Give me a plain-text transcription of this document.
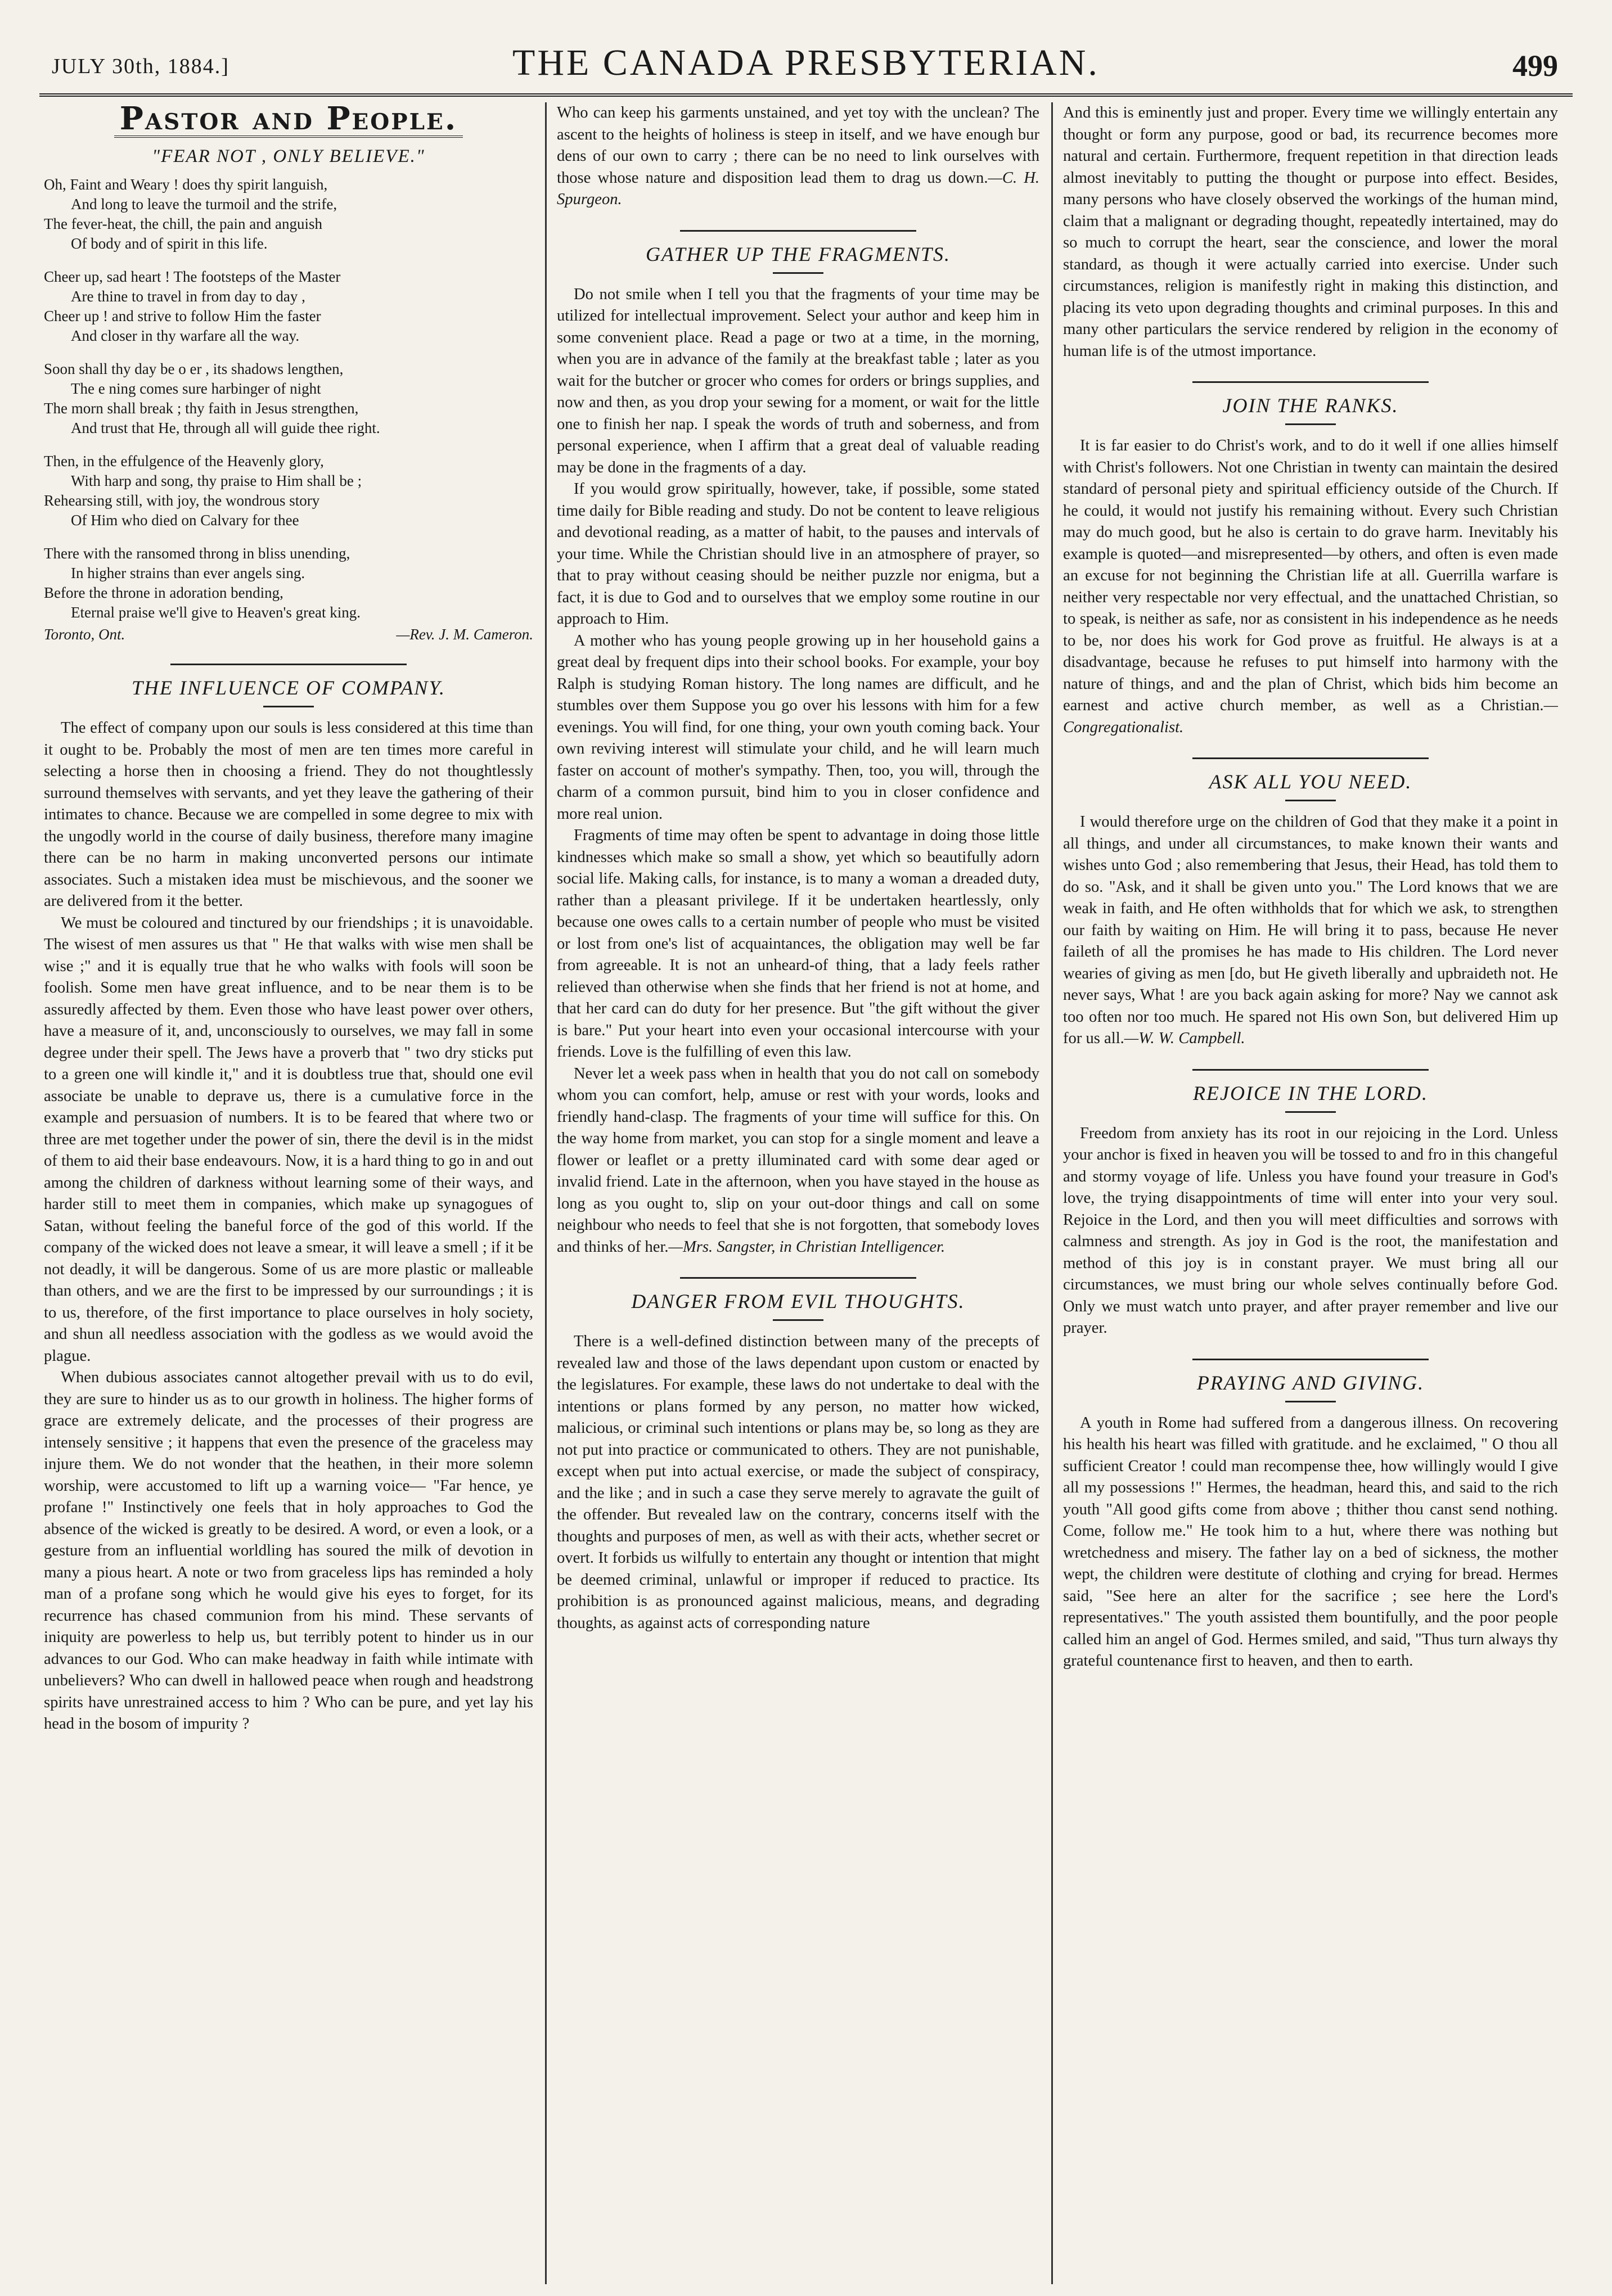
JULY 30th, 1884.]	THE CANADA PRESBYTERIAN.	499
Pastor and People.
"FEAR NOT , ONLY BELIEVE."
Oh, Faint and Weary ! does thy spirit languish,
And long to leave the turmoil and the strife,
The fever-heat, the chill, the pain and anguish
Of body and of spirit in this life.
Cheer up, sad heart ! The footsteps of the Master
Are thine to travel in from day to day ,
Cheer up ! and strive to follow Him the faster
And closer in thy warfare all the way.
Soon shall thy day be o er , its shadows lengthen,
The e ning comes sure harbinger of night
The morn shall break ; thy faith in Jesus strengthen,
And trust that He, through all will guide thee right.
Then, in the effulgence of the Heavenly glory,
With harp and song, thy praise to Him shall be ;
Rehearsing still, with joy, the wondrous story
Of Him who died on Calvary for thee
There with the ransomed throng in bliss unending,
In higher strains than ever angels sing.
Before the throne in adoration bending,
Eternal praise we'll give to Heaven's great king.
Toronto, Ont.	—Rev. J. M. Cameron.
THE INFLUENCE OF COMPANY.

The effect of company upon our souls is less considered at this time than it ought to be. Probably the most of men are ten times more careful in selecting a horse then in choosing a friend. They do not thoughtlessly surround themselves with servants, and yet they leave the gathering of their intimates to chance. Because we are compelled in some degree to mix with the ungodly world in the course of daily business, therefore many imagine there can be no harm in making unconverted persons our intimate associates. Such a mistaken idea must be mischievous, and the sooner we are delivered from it the better.

We must be coloured and tinctured by our friendships ; it is unavoidable. The wisest of men assures us that " He that walks with wise men shall be wise ;" and it is equally true that he who walks with fools will soon be foolish. Some men have great influence, and to be near them is to be assuredly affected by them. Even those who have least power over others, have a measure of it, and, unconsciously to ourselves, we may fall in some degree under their spell. The Jews have a proverb that " two dry sticks put to a green one will kindle it," and it is doubtless true that, should one evil associate be unable to deprave us, there is a cumulative force in the example and persuasion of numbers. It is to be feared that where two or three are met together under the power of sin, there the devil is in the midst of them to aid their base endeavours. Now, it is a hard thing to go in and out among the children of darkness without learning some of their ways, and harder still to meet them in companies, which make up synagogues of Satan, without feeling the baneful force of the god of this world. If the company of the wicked does not leave a smear, it will leave a smell ; if it be not deadly, it will be dangerous. Some of us are more plastic or malleable than others, and we are the first to be impressed by our surroundings ; it is to us, therefore, of the first importance to place ourselves in holy society, and shun all needless association with the godless as we would avoid the plague.

When dubious associates cannot altogether prevail with us to do evil, they are sure to hinder us as to our growth in holiness. The higher forms of grace are extremely delicate, and the processes of their progress are intensely sensitive ; it happens that even the presence of the graceless may injure them. We do not wonder that the heathen, in their more solemn worship, were accustomed to lift up a warning voice— "Far hence, ye profane !" Instinctively one feels that in holy approaches to God the absence of the wicked is greatly to be desired. A word, or even a look, or a gesture from an influential worldling has soured the milk of devotion in many a pious heart. A note or two from graceless lips has reminded a holy man of a profane song which he would give his eyes to forget, for its recurrence has chased communion from his mind. These servants of iniquity are powerless to help us, but terribly potent to hinder us in our advances to our God. Who can make headway in faith while intimate with unbelievers? Who can dwell in hallowed peace when rough and headstrong spirits have unrestrained access to him ? Who can be pure, and yet lay his head in the bosom of impurity ?

Who can keep his garments unstained, and yet toy with the unclean? The ascent to the heights of holiness is steep in itself, and we have enough bur dens of our own to carry ; there can be no need to link ourselves with those whose nature and disposition lead them to drag us down.—C. H. Spurgeon.

GATHER UP THE FRAGMENTS.

Do not smile when I tell you that the fragments of your time may be utilized for intellectual improvement. Select your author and keep him in some convenient place. Read a page or two at a time, in the morning, when you are in advance of the family at the breakfast table ; later as you wait for the butcher or grocer who comes for orders or brings supplies, and now and then, as you drop your sewing for a moment, or wait for the little one to finish her nap. I speak the words of truth and soberness, and from personal experience, when I affirm that a great deal of valuable reading may be done in the fragments of a day.

If you would grow spiritually, however, take, if possible, some stated time daily for Bible reading and study. Do not be content to leave religious and devotional reading, as a matter of habit, to the pauses and intervals of your time. While the Christian should live in an atmosphere of prayer, so that to pray without ceasing should be neither puzzle nor enigma, but a fact, it is due to God and to ourselves that we employ some routine in our approach to Him.

A mother who has young people growing up in her household gains a great deal by frequent dips into their school books. For example, your boy Ralph is studying Roman history. The long names are difficult, and he stumbles over them Suppose you go over his lessons with him for a few evenings. You will find, for one thing, your own youth coming back. Your own reviving interest will stimulate your child, and he will learn much faster on account of mother's sympathy. Then, too, you will, through the charm of a common pursuit, bind him to you in closer confidence and more real union.

Fragments of time may often be spent to advantage in doing those little kindnesses which make so small a show, yet which so beautifully adorn social life. Making calls, for instance, is to many a woman a dreaded duty, rather than a pleasant privilege. If it be undertaken heartlessly, only because one owes calls to a certain number of people who must be visited or lost from one's list of acquaintances, the obligation may well be far from agreeable. It is not an unheard-of thing, that a lady feels rather relieved than otherwise when she finds that her friend is not at home, and that her card can do duty for her presence. But "the gift without the giver is bare." Put your heart into even your occasional intercourse with your friends. Love is the fulfilling of even this law.

Never let a week pass when in health that you do not call on somebody whom you can comfort, help, amuse or rest with your words, looks and friendly hand-clasp. The fragments of your time will suffice for this. On the way home from market, you can stop for a single moment and leave a flower or leaflet or a pretty illuminated card with some dear aged or invalid friend. Late in the afternoon, when you have stayed in the house as long as you ought to, slip on your out-door things and call on some neighbour who needs to feel that she is not forgotten, that somebody loves and thinks of her.—Mrs. Sangster, in Christian Intelligencer.

DANGER FROM EVIL THOUGHTS.

There is a well-defined distinction between many of the precepts of revealed law and those of the laws dependant upon custom or enacted by the legislatures. For example, these laws do not undertake to deal with the intentions or plans formed by any person, no matter how wicked, malicious, or criminal such intentions or plans may be, so long as they are not put into practice or communicated to others. They are not punishable, except when put into actual exercise, or made the subject of conspiracy, and the like ; and in such a case they serve merely to agravate the guilt of the offender. But revealed law on the contrary, concerns itself with the thoughts and purposes of men, as well as with their acts, whether secret or overt. It forbids us wilfully to entertain any thought or intention that might be deemed criminal, unlawful or improper if reduced to practice. Its prohibition is as pronounced against malicious, means, and degrading thoughts, as against acts of corresponding nature

And this is eminently just and proper. Every time we willingly entertain any thought or form any purpose, good or bad, its recurrence becomes more natural and certain. Furthermore, frequent repetition in that direction leads almost inevitably to putting the thought or purpose into effect. Besides, many persons who have closely observed the workings of the human mind, claim that a malignant or degrading thought, repeatedly intertained, may do so much to corrupt the heart, sear the conscience, and lower the moral standard, as though it were actually carried into exercise. Under such circumstances, religion is manifestly right in making this distinction, and placing its veto upon degrading thoughts and criminal purposes. In this and many other particulars the service rendered by religion in the economy of human life is of the utmost importance.

JOIN THE RANKS.

It is far easier to do Christ's work, and to do it well if one allies himself with Christ's followers. Not one Christian in twenty can maintain the desired standard of personal piety and spiritual efficiency outside of the Church. If he could, it would not justify his remaining without. Every such Christian may do much good, but he also is certain to do grave harm. Inevitably his example is quoted—and misrepresented—by others, and often is even made an excuse for not beginning the Christian life at all. Guerrilla warfare is neither very respectable nor very effectual, and the unattached Christian, so to speak, is neither as safe, nor as consistent in his independence as he needs to be, nor does his work for God prove as fruitful. He always is at a disadvantage, because he refuses to put himself into harmony with the nature of things, and and the plan of Christ, which bids him become an earnest and active church member, as well as a Christian.—Congregationalist.

ASK ALL YOU NEED.

I would therefore urge on the children of God that they make it a point in all things, and under all circumstances, to make known their wants and wishes unto God ; also remembering that Jesus, their Head, has told them to do so. "Ask, and it shall be given unto you." The Lord knows that we are weak in faith, and He often withholds that for which we ask, to strengthen our faith by waiting on Him. He will bring it to pass, because He never faileth of all the promises he has made to His children. The Lord never wearies of giving as men [do, but He giveth liberally and upbraideth not. He never says, What ! are you back again asking for more? Nay we cannot ask too often nor too much. He spared not His own Son, but delivered Him up for us all.—W. W. Campbell.

REJOICE IN THE LORD.

Freedom from anxiety has its root in our rejoicing in the Lord. Unless your anchor is fixed in heaven you will be tossed to and fro in this changeful and stormy voyage of life. Unless you have found your treasure in God's love, the trying disappointments of time will enter into your very soul. Rejoice in the Lord, and then you will meet difficulties and sorrows with calmness and strength. As joy in God is the root, the manifestation and method of this joy is in constant prayer. We must bring all our circumstances, we must bring our whole selves continually before God. Only we must watch unto prayer, and after prayer remember and live our prayer.

PRAYING AND GIVING.

A youth in Rome had suffered from a dangerous illness. On recovering his health his heart was filled with gratitude. and he exclaimed, " O thou all sufficient Creator ! could man recompense thee, how willingly would I give all my possessions !" Hermes, the headman, heard this, and said to the rich youth "All good gifts come from above ; thither thou canst send nothing. Come, follow me." He took him to a hut, where there was nothing but wretchedness and misery. The father lay on a bed of sickness, the mother wept, the children were destitute of clothing and crying for bread. Hermes said, "See here an alter for the sacrifice ; see here the Lord's representatives." The youth assisted them bountifully, and the poor people called him an angel of God. Hermes smiled, and said, "Thus turn always thy grateful countenance first to heaven, and then to earth.
